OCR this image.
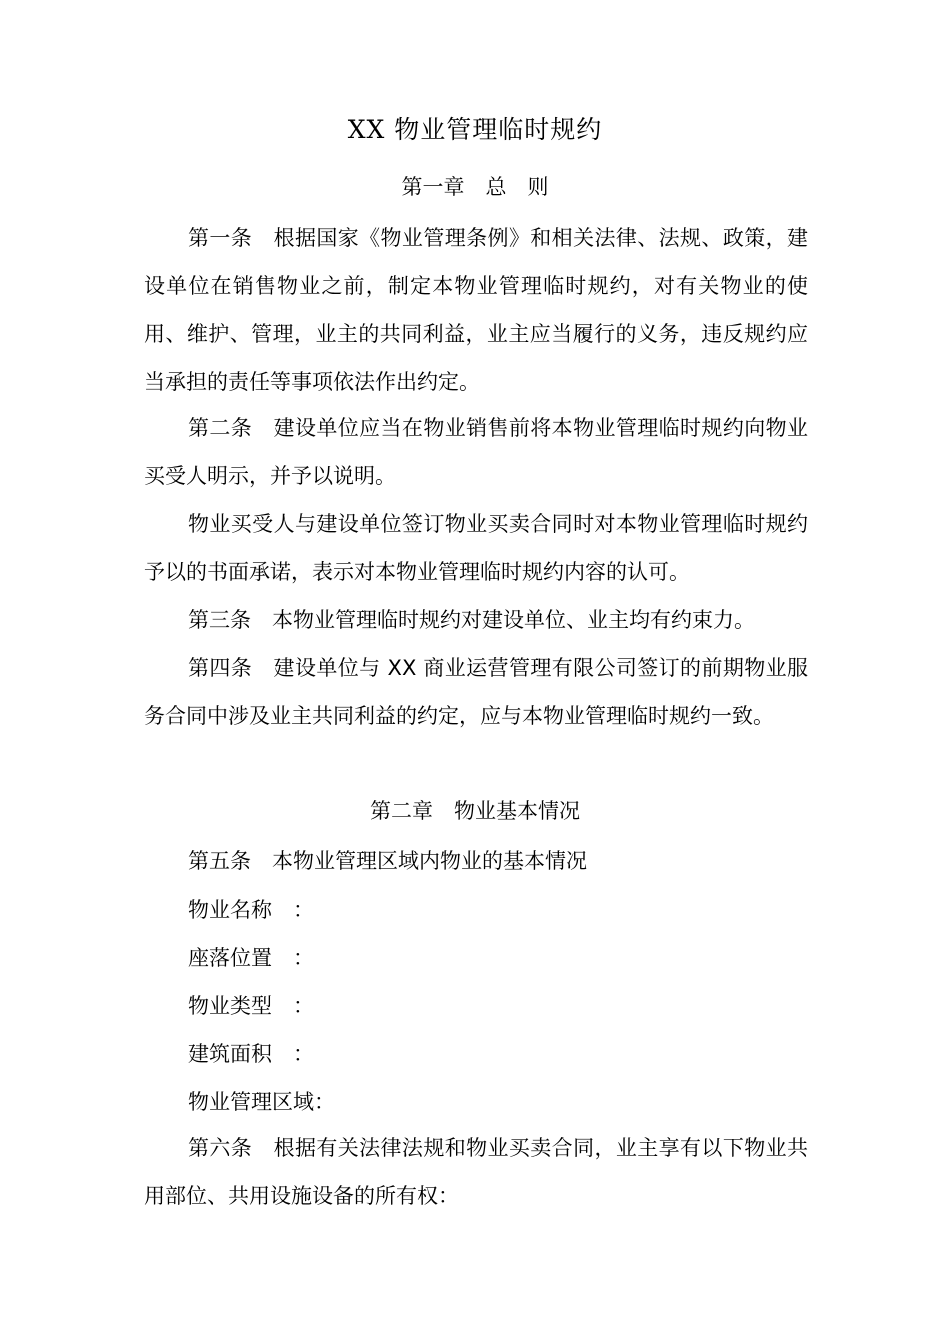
XX 物业管理临时规约
第一章　总　则

第一条　根据国家《物业管理条例》和相关法律、法规、政策，建设单位在销售物业之前，制定本物业管理临时规约，对有关物业的使用、维护、管理，业主的共同利益，业主应当履行的义务，违反规约应当承担的责任等事项依法作出约定。

第二条　建设单位应当在物业销售前将本物业管理临时规约向物业买受人明示，并予以说明。

物业买受人与建设单位签订物业买卖合同时对本物业管理临时规约予以的书面承诺，表示对本物业管理临时规约内容的认可。

第三条　本物业管理临时规约对建设单位、业主均有约束力。

第四条　建设单位与 XX 商业运营管理有限公司签订的前期物业服务合同中涉及业主共同利益的约定，应与本物业管理临时规约一致。

第二章　物业基本情况

第五条　本物业管理区域内物业的基本情况

物业名称　：
座落位置　：
物业类型　：
建筑面积　：
物业管理区域：

第六条　根据有关法律法规和物业买卖合同，业主享有以下物业共用部位、共用设施设备的所有权：
